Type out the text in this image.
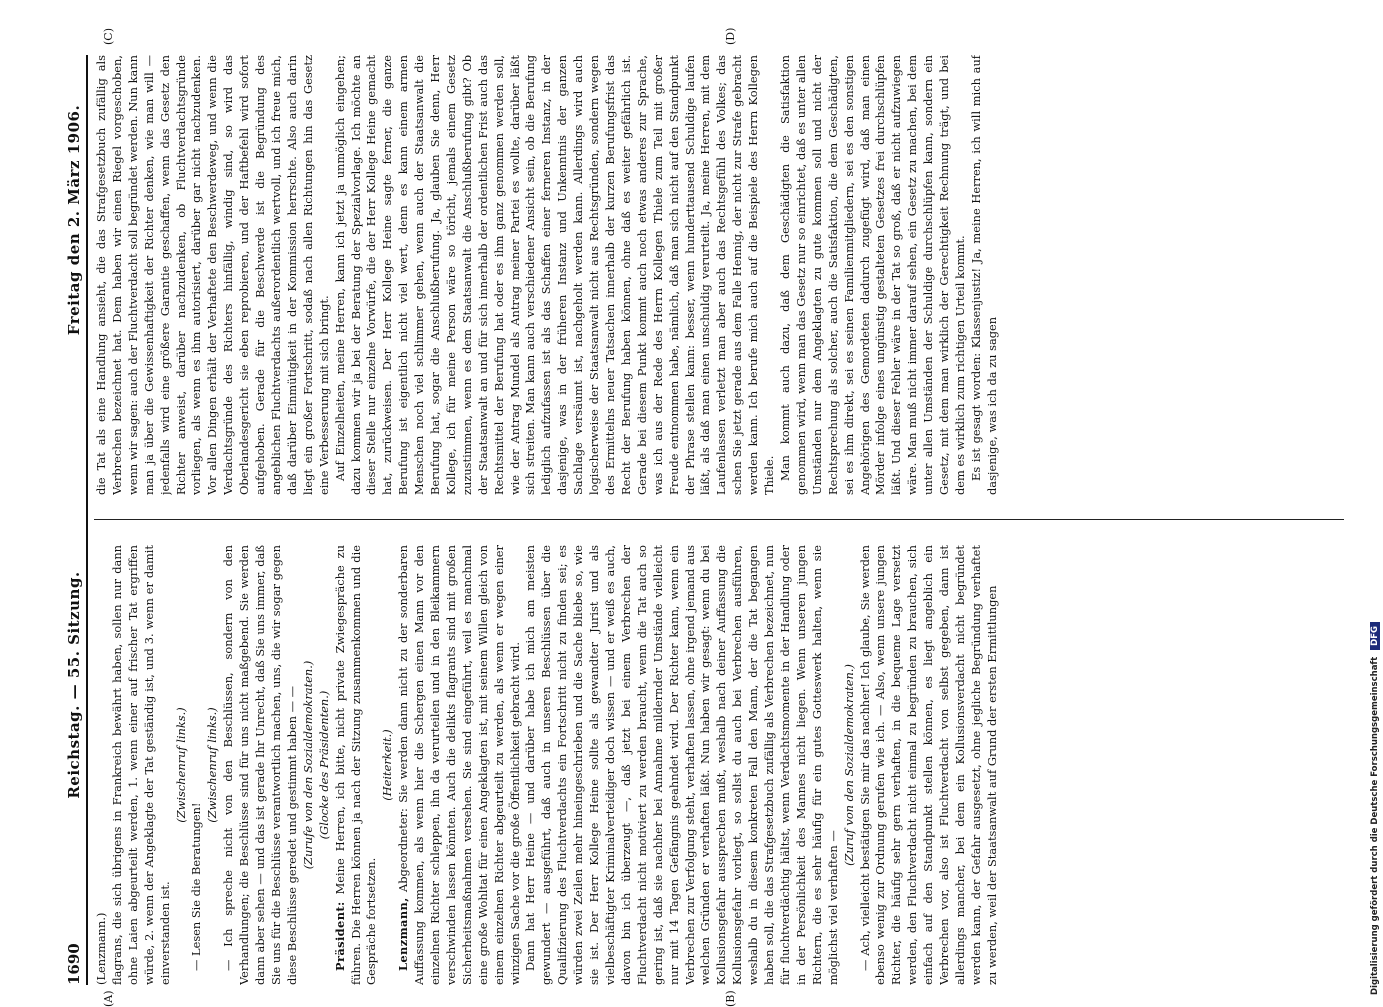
1690
Reichstag. — 55. Sitzung.
Freitag den 2. März 1906.
(A)	(B)
(C)	(D)

(Lenzmann.) flagrans, die sich übrigens in Frankreich bewährt haben, sollen nur dann ohne Laien abgeurteilt werden, 1. wenn einer auf frischer Tat ergriffen würde, 2. wenn der Angeklagte der Tat geständig ist, und 3. wenn er damit einverstanden ist.

(Zwischenruf links.)

— Lesen Sie die Beratungen!

(Zwischenruf links.) — Ich spreche nicht von den Beschlüssen, sondern von den Verhandlungen; die Beschlüsse sind für uns nicht maßgebend. Sie werden dann aber sehen — und das ist gerade Ihr Unrecht, daß Sie uns immer, daß Sie uns für die Beschlüsse verantwortlich machen, uns, die wir sogar gegen diese Beschlüsse geredet und gestimmt haben — — (Zurufe von den Sozialdemokraten.) (Glocke des Präsidenten.)

Präsident: Meine Herren, ich bitte, nicht private Zwiegespräche zu führen. Die Herren können ja nach der Sitzung zusammenkommen und die Gespräche fortsetzen.

(Heiterkeit.)

Lenzmann, Abgeordneter: Sie werden dann nicht zu der sonderbaren Auffassung kommen, als wenn hier die Schergen einen Mann vor den einzelnen Richter schleppen, ihn da verurteilen und in den Bleikammern verschwinden lassen könnten. Auch die delikts flagrants sind mit großen Sicherheitsmaßnahmen versehen. Sie sind eingeführt, weil es manchmal eine große Wohltat für einen Angeklagten ist, mit seinem Willen gleich von einem einzelnen Richter abgeurteilt zu werden, als wenn er wegen einer winzigen Sache vor die große Öffentlichkeit gebracht wird. Dann hat Herr Heine — und darüber habe ich mich am meisten gewundert — ausgeführt, daß auch in unseren Beschlüssen über die Qualifizierung des Fluchtverdachts ein Fortschritt nicht zu finden sei; es würden zwei Zeilen mehr hineingeschrieben und die Sache bliebe so, wie sie ist. Der Herr Kollege Heine sollte als gewandter Jurist und als vielbeschäftigter Kriminalverteidiger doch wissen — und er weiß es auch, davon bin ich überzeugt —, daß jetzt bei einem Verbrechen der Fluchtverdacht nicht motiviert zu werden braucht, wenn die Tat auch so gering ist, daß sie nachher bei Annahme mildernder Umstände vielleicht nur mit 14 Tagen Gefängnis geahndet wird. Der Richter kann, wenn ein Verbrechen zur Verfolgung steht, verhaften lassen, ohne irgend jemand aus welchen Gründen er verhaften läßt. Nun haben wir gesagt: wenn du bei Kollusionsgefahr aussprechen mußt, weshalb nach deiner Auffassung die Kollusionsgefahr vorliegt, so sollst du auch bei Verbrechen ausführen, weshalb du in diesem konkreten Fall den Mann, der die Tat begangen haben soll, die das Strafgesetzbuch zufällig als Verbrechen bezeichnet, nun für fluchtverdächtig hältst, wenn Verdachtsmomente in der Handlung oder in der Persönlichkeit des Mannes nicht liegen. Wenn unseren jungen Richtern, die es sehr häufig für ein gutes Gotteswerk halten, wenn sie möglichst viel verhaften —

(Zuruf von den Sozialdemokraten.) — Ach, vielleicht bestätigen Sie mir das nachher! Ich glaube, Sie werden ebenso wenig zur Ordnung gerufen wie ich. — Also, wenn unsere jungen Richter, die häufig sehr gern verhaften, in die bequeme Lage versetzt werden, den Fluchtverdacht nicht einmal zu begründen zu brauchen, sich einfach auf den Standpunkt stellen können, es liegt angeblich ein Verbrechen vor, also ist Fluchtverdacht von selbst gegeben, dann ist allerdings mancher, bei dem ein Kollusionsverdacht nicht begründet werden kann, der Gefahr ausgesetzt, ohne jegliche Begründung verhaftet zu werden, weil der Staatsanwalt auf Grund der ersten Ermittlungen

die Tat als eine Handlung ansieht, die das Strafgesetzbuch zufällig als Verbrechen bezeichnet hat. Dem haben wir einen Riegel vorgeschoben, wenn wir sagen: auch der Fluchtverdacht soll begründet werden. Nun kann man ja über die Gewissenhaftigkeit der Richter denken, wie man will — jedenfalls wird eine größere Garantie geschaffen, wenn das Gesetz den Richter anweist, darüber nachzudenken, ob Fluchtverdachtsgründe vorliegen, als wenn es ihm autorisiert, darüber gar nicht nachzudenken. Vor allen Dingen erhält der Verhaftete den Beschwerdeweg, und wenn die Verdachtsgründe des Richters hinfällig, windig sind, so wird das Oberlandesgericht sie eben reprobieren, und der Haftbefehl wird sofort aufgehoben. Gerade für die Beschwerde ist die Begründung des angeblichen Fluchtverdachts außerordentlich wertvoll, und ich freue mich, daß darüber Einmütigkeit in der Kommission herrschte. Also auch darin liegt ein großer Fortschritt, sodaß nach allen Richtungen hin das Gesetz eine Verbesserung mit sich bringt. Auf Einzelheiten, meine Herren, kann ich jetzt ja unmöglich eingehen; dazu kommen wir ja bei der Beratung der Spezialvorlage. Ich möchte an dieser Stelle nur einzelne Vorwürfe, die der Herr Kollege Heine gemacht hat, zurückweisen. Der Herr Kollege Heine sagte ferner, die ganze Berufung ist eigentlich nicht viel wert, denn es kann einem armen Menschen noch viel schlimmer gehen, wenn auch der Staatsanwalt die Berufung hat, sogar die Anschlußberufung. Ja, glauben Sie denn, Herr Kollege, ich für meine Person wäre so töricht, jemals einem Gesetz zuzustimmen, wenn es dem Staatsanwalt die Anschlußberufung gibt? Ob der Staatsanwalt an und für sich innerhalb der ordentlichen Frist auch das Rechtsmittel der Berufung hat oder es ihm ganz genommen werden soll, wie der Antrag Mundel als Antrag meiner Partei es wollte, darüber läßt sich streiten. Man kann auch verschiedener Ansicht sein, ob die Berufung lediglich aufzufassen ist als das Schaffen einer ferneren Instanz, in der dasjenige, was in der früheren Instanz und Unkenntnis der ganzen Sachlage versäumt ist, nachgeholt werden kann. Allerdings wird auch logischerweise der Staatsanwalt nicht aus Rechtsgründen, sondern wegen des Ermittelns neuer Tatsachen innerhalb der kurzen Berufungsfrist das Recht der Berufung haben können, ohne daß es weiter gefährlich ist. Gerade bei diesem Punkt kommt auch noch etwas anderes zur Sprache, was ich aus der Rede des Herrn Kollegen Thiele zum Teil mit großer Freude entnommen habe, nämlich, daß man sich nicht auf den Standpunkt der Phrase stellen kann: besser, wenn hunderttausend Schuldige laufen läßt, als daß man einen unschuldig verurteilt. Ja, meine Herren, mit dem Laufenlassen verletzt man aber auch das Rechtsgefühl des Volkes; das schen Sie jetzt gerade aus dem Falle Hennig, der nicht zur Strafe gebracht werden kann. Ich berufe mich auch auf die Beispiele des Herrn Kollegen Thiele. Man kommt auch dazu, daß dem Geschädigten die Satisfaktion genommen wird, wenn man das Gesetz nur so einrichtet, daß es unter allen Umständen nur dem Angeklagten zu gute kommen soll und nicht der Rechtsprechung als solcher, auch die Satisfaktion, die dem Geschädigten, sei es ihm direkt, sei es seinen Familienmitgliedern, sei es den sonstigen Angehörigen des Gemordeten dadurch zugefügt wird, daß man einen Mörder infolge eines ungünstig gestalteten Gesetzes frei durchschlüpfen läßt. Und dieser Fehler wäre in der Tat so groß, daß er nicht aufzuwiegen wäre. Man muß nicht immer darauf sehen, ein Gesetz zu machen, bei dem unter allen Umständen der Schuldige durchschlüpfen kann, sondern ein Gesetz, mit dem man wirklich der Gerechtigkeit Rechnung trägt, und bei dem es wirklich zum richtigen Urteil kommt. Es ist gesagt worden: Klassenjustiz! Ja, meine Herren, ich will mich auf dasjenige, was ich da zu sagen

Digitalisierung gefördert durch die Deutsche Forschungsgemeinschaft DFG
